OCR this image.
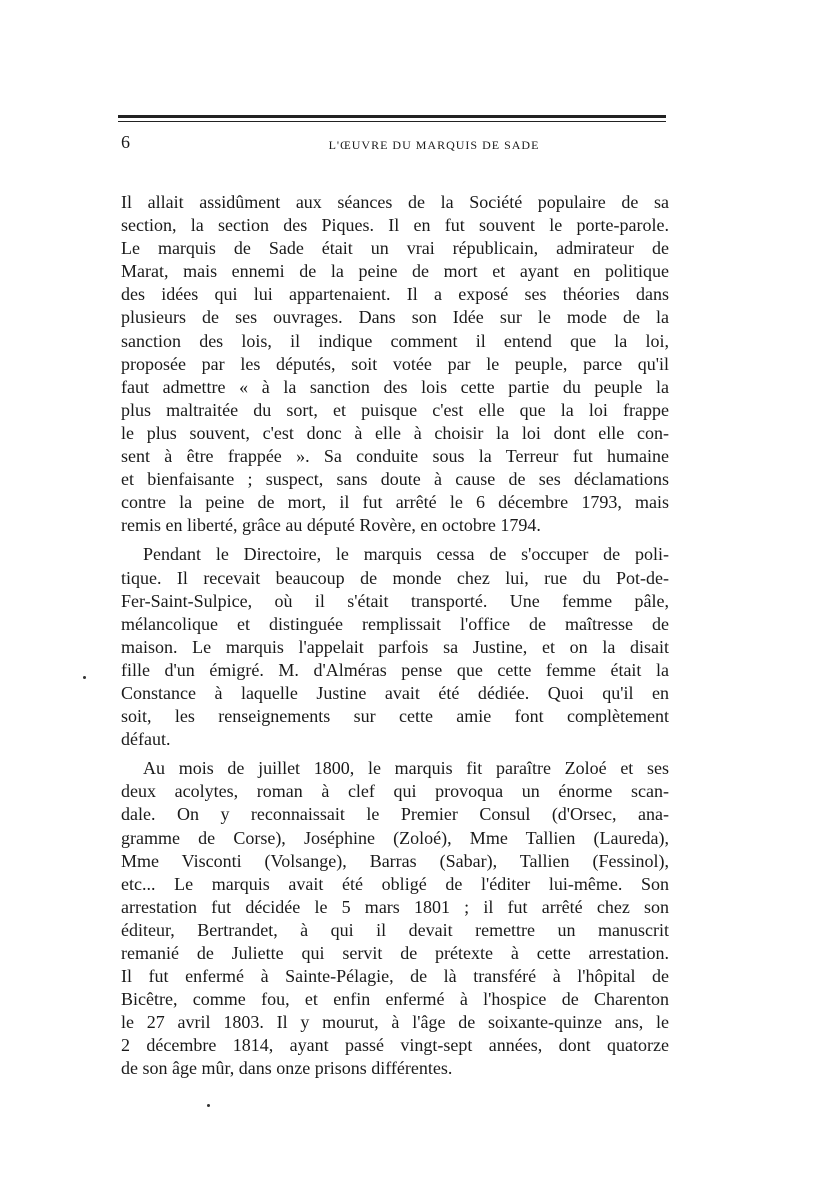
6	L'ŒUVRE DU MARQUIS DE SADE
Il allait assidûment aux séances de la Société populaire de sa
section, la section des Piques. Il en fut souvent le porte-parole.
Le marquis de Sade était un vrai républicain, admirateur de
Marat, mais ennemi de la peine de mort et ayant en politique
des idées qui lui appartenaient. Il a exposé ses théories dans
plusieurs de ses ouvrages. Dans son Idée sur le mode de la
sanction des lois, il indique comment il entend que la loi,
proposée par les députés, soit votée par le peuple, parce qu'il
faut admettre « à la sanction des lois cette partie du peuple la
plus maltraitée du sort, et puisque c'est elle que la loi frappe
le plus souvent, c'est donc à elle à choisir la loi dont elle con-
sent à être frappée ». Sa conduite sous la Terreur fut humaine
et bienfaisante ; suspect, sans doute à cause de ses déclamations
contre la peine de mort, il fut arrêté le 6 décembre 1793, mais
remis en liberté, grâce au député Rovère, en octobre 1794.
Pendant le Directoire, le marquis cessa de s'occuper de poli-
tique. Il recevait beaucoup de monde chez lui, rue du Pot-de-
Fer-Saint-Sulpice, où il s'était transporté. Une femme pâle,
mélancolique et distinguée remplissait l'office de maîtresse de
maison. Le marquis l'appelait parfois sa Justine, et on la disait
fille d'un émigré. M. d'Alméras pense que cette femme était la
Constance à laquelle Justine avait été dédiée. Quoi qu'il en
soit, les renseignements sur cette amie font complètement
défaut.
Au mois de juillet 1800, le marquis fit paraître Zoloé et ses
deux acolytes, roman à clef qui provoqua un énorme scan-
dale. On y reconnaissait le Premier Consul (d'Orsec, ana-
gramme de Corse), Joséphine (Zoloé), Mme Tallien (Laureda),
Mme Visconti (Volsange), Barras (Sabar), Tallien (Fessinol),
etc... Le marquis avait été obligé de l'éditer lui-même. Son
arrestation fut décidée le 5 mars 1801 ; il fut arrêté chez son
éditeur, Bertrandet, à qui il devait remettre un manuscrit
remanié de Juliette qui servit de prétexte à cette arrestation.
Il fut enfermé à Sainte-Pélagie, de là transféré à l'hôpital de
Bicêtre, comme fou, et enfin enfermé à l'hospice de Charenton
le 27 avril 1803. Il y mourut, à l'âge de soixante-quinze ans, le
2 décembre 1814, ayant passé vingt-sept années, dont quatorze
de son âge mûr, dans onze prisons différentes.
